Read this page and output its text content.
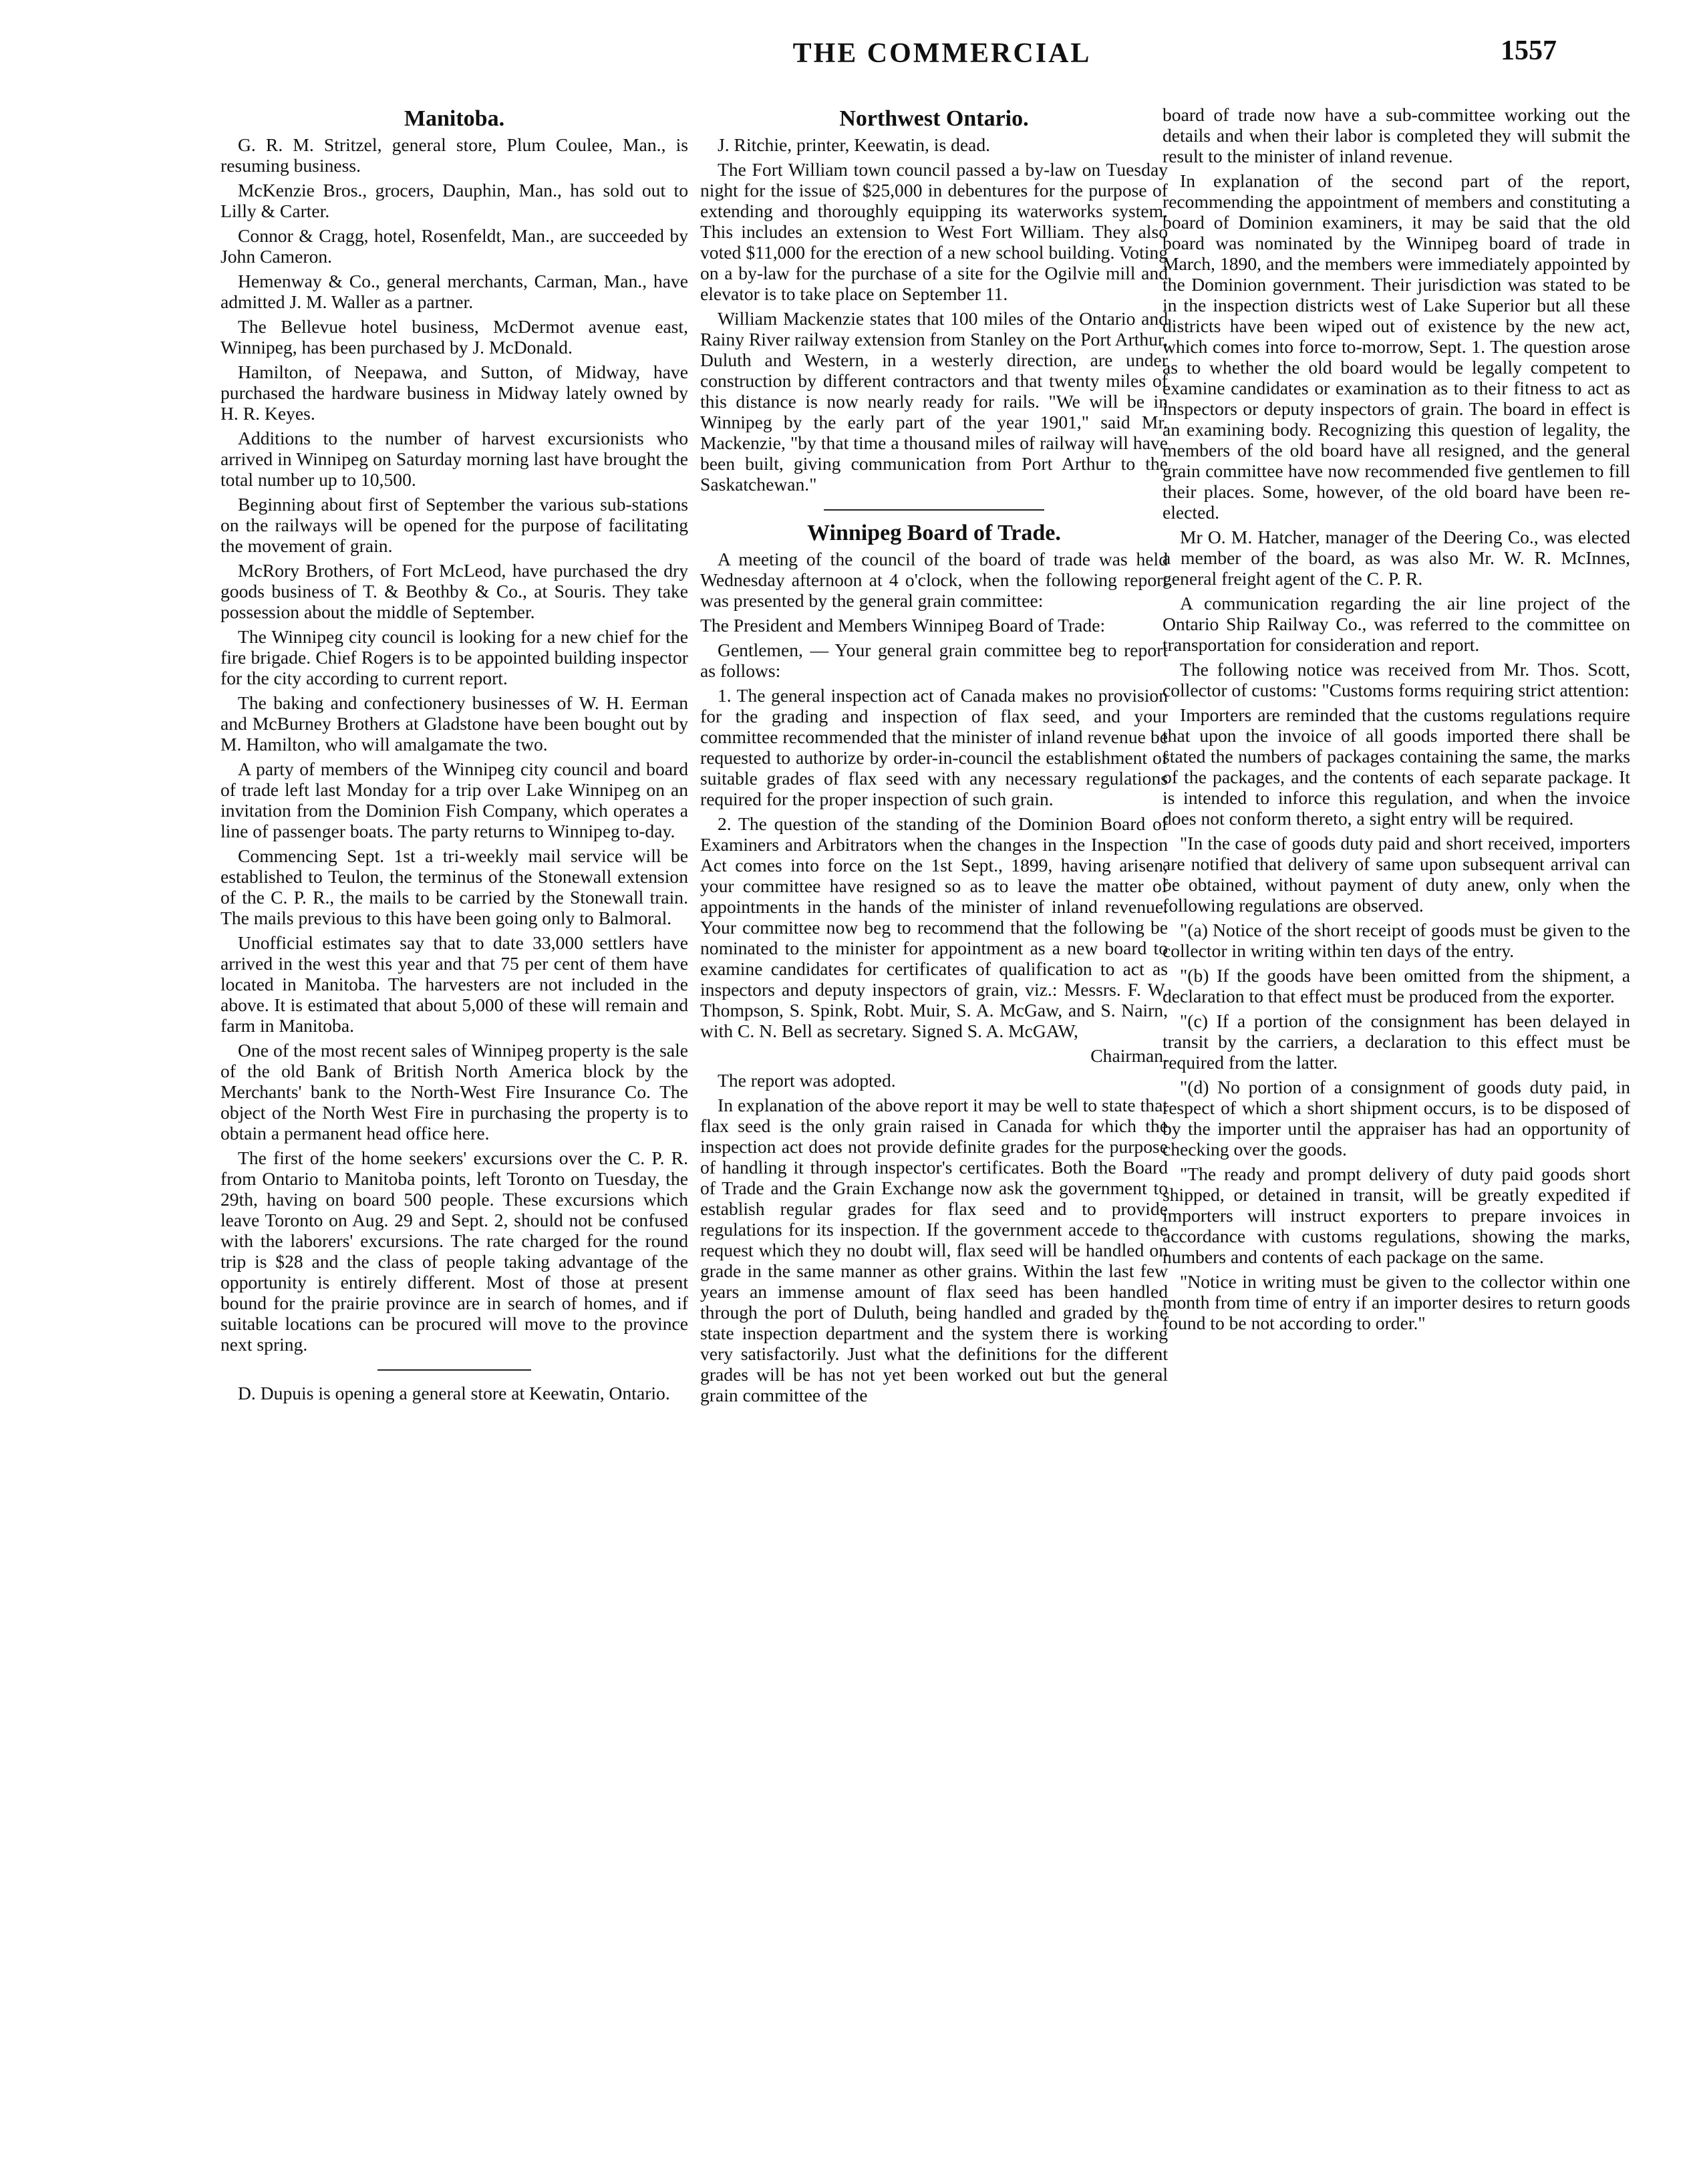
THE COMMERCIAL	1557
Manitoba.

G. R. M. Stritzel, general store, Plum Coulee, Man., is resuming business.

McKenzie Bros., grocers, Dauphin, Man., has sold out to Lilly & Carter.

Connor & Cragg, hotel, Rosenfeldt, Man., are succeeded by John Cameron.

Hemenway & Co., general merchants, Carman, Man., have admitted J. M. Waller as a partner.

The Bellevue hotel business, McDermot avenue east, Winnipeg, has been purchased by J. McDonald.

Hamilton, of Neepawa, and Sutton, of Midway, have purchased the hardware business in Midway lately owned by H. R. Keyes.

Additions to the number of harvest excursionists who arrived in Winnipeg on Saturday morning last have brought the total number up to 10,500.

Beginning about first of September the various sub-stations on the railways will be opened for the purpose of facilitating the movement of grain.

McRory Brothers, of Fort McLeod, have purchased the dry goods business of T. & Beothby & Co., at Souris. They take possession about the middle of September.

The Winnipeg city council is looking for a new chief for the fire brigade. Chief Rogers is to be appointed building inspector for the city according to current report.

The baking and confectionery businesses of W. H. Eerman and McBurney Brothers at Gladstone have been bought out by M. Hamilton, who will amalgamate the two.

A party of members of the Winnipeg city council and board of trade left last Monday for a trip over Lake Winnipeg on an invitation from the Dominion Fish Company, which operates a line of passenger boats. The party returns to Winnipeg to-day.

Commencing Sept. 1st a tri-weekly mail service will be established to Teulon, the terminus of the Stonewall extension of the C. P. R., the mails to be carried by the Stonewall train. The mails previous to this have been going only to Balmoral.

Unofficial estimates say that to date 33,000 settlers have arrived in the west this year and that 75 per cent of them have located in Manitoba. The harvesters are not included in the above. It is estimated that about 5,000 of these will remain and farm in Manitoba.

One of the most recent sales of Winnipeg property is the sale of the old Bank of British North America block by the Merchants' bank to the North-West Fire Insurance Co. The object of the North West Fire in purchasing the property is to obtain a permanent head office here.

The first of the home seekers' excursions over the C. P. R. from Ontario to Manitoba points, left Toronto on Tuesday, the 29th, having on board 500 people. These excursions which leave Toronto on Aug. 29 and Sept. 2, should not be confused with the laborers' excursions. The rate charged for the round trip is $28 and the class of people taking advantage of the opportunity is entirely different. Most of those at present bound for the prairie province are in search of homes, and if suitable locations can be procured will move to the province next spring.

D. Dupuis is opening a general store at Keewatin, Ontario.

Northwest Ontario.

J. Ritchie, printer, Keewatin, is dead.

The Fort William town council passed a by-law on Tuesday night for the issue of $25,000 in debentures for the purpose of extending and thoroughly equipping its waterworks system. This includes an extension to West Fort William. They also voted $11,000 for the erection of a new school building. Voting on a by-law for the purchase of a site for the Ogilvie mill and elevator is to take place on September 11.

William Mackenzie states that 100 miles of the Ontario and Rainy River railway extension from Stanley on the Port Arthur, Duluth and Western, in a westerly direction, are under construction by different contractors and that twenty miles of this distance is now nearly ready for rails. "We will be in Winnipeg by the early part of the year 1901," said Mr. Mackenzie, "by that time a thousand miles of railway will have been built, giving communication from Port Arthur to the Saskatchewan."

Winnipeg Board of Trade.

A meeting of the council of the board of trade was held Wednesday afternoon at 4 o'clock, when the following report was presented by the general grain committee:

The President and Members Winnipeg Board of Trade:

Gentlemen, — Your general grain committee beg to report as follows:

1. The general inspection act of Canada makes no provision for the grading and inspection of flax seed, and your committee recommended that the minister of inland revenue be requested to authorize by order-in-council the establishment of suitable grades of flax seed with any necessary regulations required for the proper inspection of such grain.

2. The question of the standing of the Dominion Board of Examiners and Arbitrators when the changes in the Inspection Act comes into force on the 1st Sept., 1899, having arisen, your committee have resigned so as to leave the matter of appointments in the hands of the minister of inland revenue. Your committee now beg to recommend that the following be nominated to the minister for appointment as a new board to examine candidates for certificates of qualification to act as inspectors and deputy inspectors of grain, viz.: Messrs. F. W. Thompson, S. Spink, Robt. Muir, S. A. McGaw, and S. Nairn, with C. N. Bell as secretary. Signed S. A. McGAW,

Chairman.

The report was adopted.

In explanation of the above report it may be well to state that flax seed is the only grain raised in Canada for which the inspection act does not provide definite grades for the purpose of handling it through inspector's certificates. Both the Board of Trade and the Grain Exchange now ask the government to establish regular grades for flax seed and to provide regulations for its inspection. If the government accede to the request which they no doubt will, flax seed will be handled on grade in the same manner as other grains. Within the last few years an immense amount of flax seed has been handled through the port of Duluth, being handled and graded by the state inspection department and the system there is working very satisfactorily. Just what the definitions for the different grades will be has not yet been worked out but the general grain committee of the

board of trade now have a sub-committee working out the details and when their labor is completed they will submit the result to the minister of inland revenue.

In explanation of the second part of the report, recommending the appointment of members and constituting a board of Dominion examiners, it may be said that the old board was nominated by the Winnipeg board of trade in March, 1890, and the members were immediately appointed by the Dominion government. Their jurisdiction was stated to be in the inspection districts west of Lake Superior but all these districts have been wiped out of existence by the new act, which comes into force to-morrow, Sept. 1. The question arose as to whether the old board would be legally competent to examine candidates or examination as to their fitness to act as inspectors or deputy inspectors of grain. The board in effect is an examining body. Recognizing this question of legality, the members of the old board have all resigned, and the general grain committee have now recommended five gentlemen to fill their places. Some, however, of the old board have been re-elected.

Mr O. M. Hatcher, manager of the Deering Co., was elected a member of the board, as was also Mr. W. R. McInnes, general freight agent of the C. P. R.

A communication regarding the air line project of the Ontario Ship Railway Co., was referred to the committee on transportation for consideration and report.

The following notice was received from Mr. Thos. Scott, collector of customs: "Customs forms requiring strict attention:

Importers are reminded that the customs regulations require that upon the invoice of all goods imported there shall be stated the numbers of packages containing the same, the marks of the packages, and the contents of each separate package. It is intended to inforce this regulation, and when the invoice does not conform thereto, a sight entry will be required.

"In the case of goods duty paid and short received, importers are notified that delivery of same upon subsequent arrival can be obtained, without payment of duty anew, only when the following regulations are observed.

"(a) Notice of the short receipt of goods must be given to the collector in writing within ten days of the entry.

"(b) If the goods have been omitted from the shipment, a declaration to that effect must be produced from the exporter.

"(c) If a portion of the consignment has been delayed in transit by the carriers, a declaration to this effect must be required from the latter.

"(d) No portion of a consignment of goods duty paid, in respect of which a short shipment occurs, is to be disposed of by the importer until the appraiser has had an opportunity of checking over the goods.

"The ready and prompt delivery of duty paid goods short shipped, or detained in transit, will be greatly expedited if importers will instruct exporters to prepare invoices in accordance with customs regulations, showing the marks, numbers and contents of each package on the same.

"Notice in writing must be given to the collector within one month from time of entry if an importer desires to return goods found to be not according to order."
